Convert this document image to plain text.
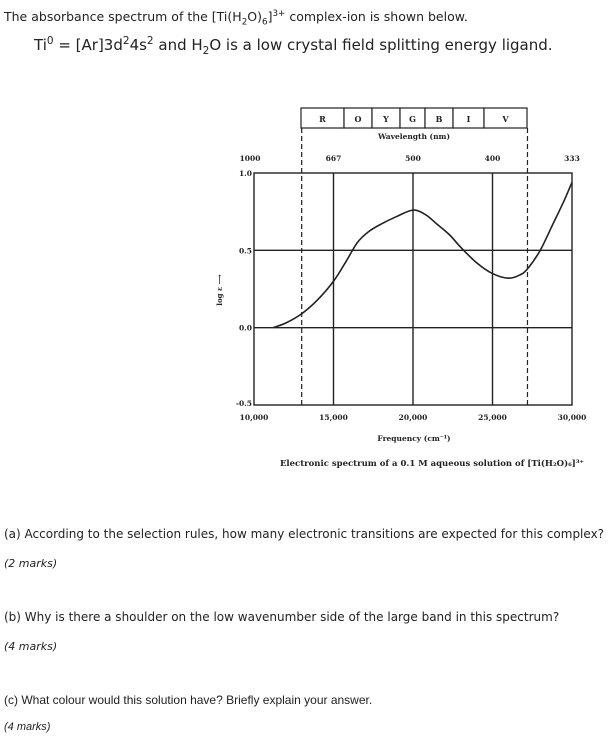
The absorbance spectrum of the $[Ti(H_2O)_6]^{3+}$ complex-ion is shown below.
$Ti^0 = [Ar]3d^24s^2$ and $H_2O$ is a low crystal field splitting energy ligand.
R	O	Y	G B	I	V
Wavelength (nm)
1000	667	500	400	333
10,000	15,000	20,000	25,000	30,000
1.0
0.5
0.0
-0.5
Frequency (cm⁻¹)
log ε ⟶
Electronic spectrum of a 0.1 M aqueous solution of [Ti(H₂O)₆]³⁺
(a) According to the selection rules, how many electronic transitions are expected for this complex?
(2 marks)
(b) Why is there a shoulder on the low wavenumber side of the large band in this spectrum?
(4 marks)
(c) What colour would this solution have? Briefly explain your answer.
(4 marks)
